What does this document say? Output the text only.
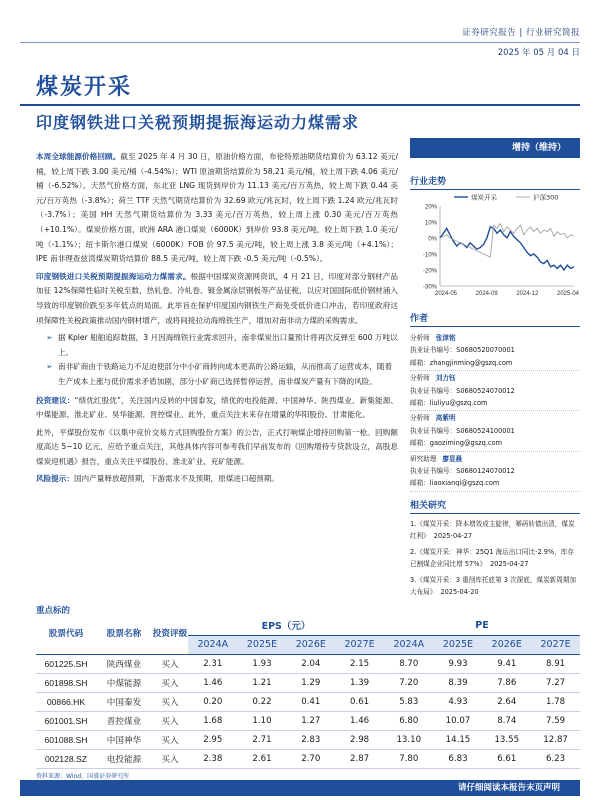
证券研究报告 | 行业研究简报
2025 年 05 月 04 日
煤炭开采
印度钢铁进口关税预期提振海运动力煤需求

本周全球能源价格回顾。截至 2025 年 4 月 30 日，原油价格方面，布伦特原油期货结算价为 63.12 美元/桶，较上周下跌 3.00 美元/桶（-4.54%）；WTI 原油期货结算价为 58.21 美元/桶，较上周下跌 4.06 美元/桶（-6.52%）。天然气价格方面，东北亚 LNG 现货到岸价为 11.13 美元/百万英热，较上周下跌 0.44 美元/百万英热（-3.8%）；荷兰 TTF 天然气期货结算价为 32.69 欧元/兆瓦时，较上周下跌 1.24 欧元/兆瓦时（-3.7%）；美国 HH 天然气期货结算价为 3.33 美元/百万英热，较上周上涨 0.30 美元/百万英热（+10.1%）。煤炭价格方面，欧洲 ARA 港口煤炭（6000K）到岸价 93.8 美元/吨，较上周下跌 1.0 美元/吨（-1.1%）；纽卡斯尔港口煤炭（6000K）FOB 价 97.5 美元/吨，较上周上涨 3.8 美元/吨（+4.1%）；IPE 南非理查兹湾煤炭期货结算价 88.5 美元/吨，较上周下跌 -0.5 美元/吨（-0.5%）。

印度钢铁进口关税预期提振海运动力煤需求。根据中国煤炭资源网资讯，4 月 21 日，印度对部分钢材产品加征 12%保障性临时关税至数，热轧卷、冷轧卷、镀金属涂层钢板等产品征税，以应对国国际低价钢材涌入导致的印度钢价跌至多年低点的局面。此举旨在保护印度国内钢铁生产商免受低价进口冲击，若印度政府这项保障性关税政策推动国内钢材增产，或将间接拉动海绵铁生产，增加对南非动力煤的采购需求。

➢ 据 Kpler 船舶追踪数据，3 月因海绵铁行业需求回升，南非煤炭出口量预计将再次反弹至 600 万吨以上。
➢ 南非矿商由于铁路运力不足迫使部分中小矿商转向成本更高的公路运输，从而推高了运营成本，随着生产成本上涨与低价需求矛盾加剧，部分小矿商已选择暂停运营，南非煤炭产量有下降的风险。

投资建议：“绩优红股优”，关注国内反转的中国泰发，绩优的电投能源、中国神华、陕西煤业、新集能源、中煤能源、淮北矿业、昊华能源、晋控煤业。此外，重点关注未来存在增量的华阳股份、甘肃能化。

此外，平煤股份发布《以集中竞价交易方式回购股份方案》的公告，正式打响煤企增持回购第一枪。回购额度高达 5~10 亿元，应给予重点关注，其他具体内容可参考我们早前发布的《回购增持专贷款设立，高股息煤炭迎机遇》报告，重点关注平煤股份、淮北矿业、兖矿能源。

风险提示：国内产量释放超预期，下游需求不及预期，原煤进口超预期。

增持（维持）
行业走势
20%
10%
0%
-10%
-20%
-30%
2024-05	2024-09	2024-12	2025-04
煤炭开采	沪深300
作者
分析师 张津铭
执业证书编号：S0680520070001
邮箱：zhangjinming@gszq.com
分析师 刘力钰
执业证书编号：S0680524070012
邮箱：liuliyu@gszq.com
分析师 高紫明
执业证书编号：S0680524100001
邮箱：gaoziming@gszq.com
研究助理 廖显晨
执业证书编号：S0680124070012
邮箱：liaoxianqi@gszq.com
相关研究
1.《煤炭开采：降本增效成主旋律，幂码转债出清，煤炭红利》 2025-04-27
2.《煤炭开采：神华：25Q1 海运出口同比-2.9%，库存已割煤企业同比增 57%》 2025-04-27
3.《煤炭开采：3 重削库托底第 3 次探底，煤炭新周期加大布局》 2025-04-20
重点标的
股票代码	股票名称	投资评级	EPS（元）				PE			
			2024A	2025E	2026E	2027E	2024A	2025E	2026E	2027E
601225.SH	陕西煤业	买入	2.31	1.93	2.04	2.15	8.70	9.93	9.41	8.91
601898.SH	中煤能源	买入	1.46	1.21	1.29	1.39	7.20	8.39	7.86	7.27
00866.HK	中国秦发	买入	0.20	0.22	0.41	0.61	5.83	4.93	2.64	1.78
601001.SH	晋控煤业	买入	1.68	1.10	1.27	1.46	6.80	10.07	8.74	7.59
601088.SH	中国神华	买入	2.95	2.71	2.83	2.98	13.10	14.15	13.55	12.87
002128.SZ	电投能源	买入	2.38	2.61	2.70	2.87	7.80	6.83	6.61	6.23
资料来源：Wind，国盛证券研究所
请仔细阅读本报告末页声明
